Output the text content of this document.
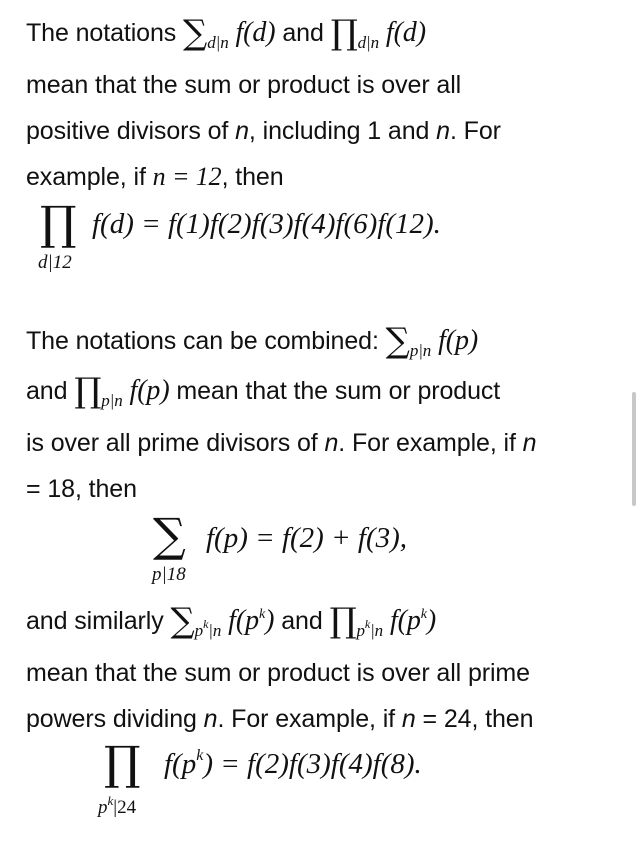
The notations $\sum_{d|n}$ f(d) and $\prod_{d|n}$ f(d)
mean that the sum or product is over all
positive divisors of n, including 1 and n. For
example, if n = 12, then
∏
d|12
f(d) = f(1)f(2)f(3)f(4)f(6)f(12).
The notations can be combined: $\sum_{p|n}$ f(p)
and $\prod_{p|n}$ f(p) mean that the sum or product
is over all prime divisors of n. For example, if n
= 18, then
∑
p|18
f(p) = f(2) + f(3),
and similarly $\sum_{p^k|n}$ $f(p^k)$ and $\prod_{p^k|n}$ $f(p^k)$
mean that the sum or product is over all prime
powers dividing n. For example, if n = 24, then
∏
$p^k|24$
$f(p^k) = f(2)f(3)f(4)f(8)$.
